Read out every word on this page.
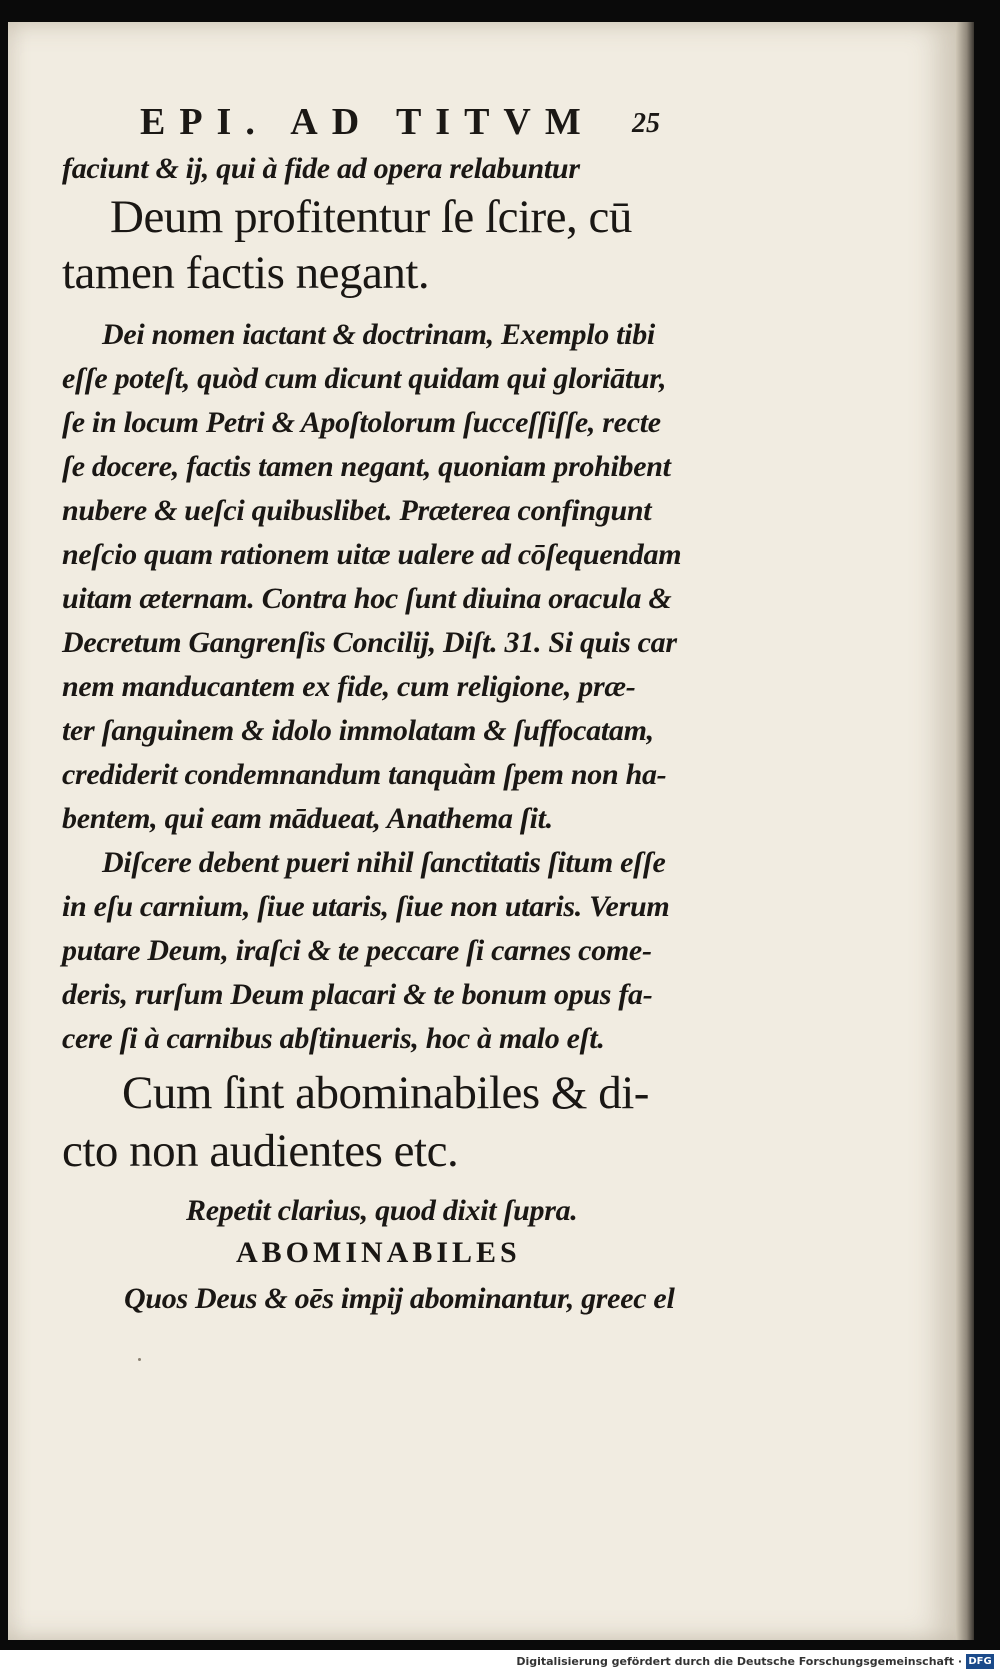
EPI. AD TITVM 25
faciunt & ij, qui à fide ad opera relabuntur
Deum profitentur ſe ſcire, cū
tamen factis negant.
Dei nomen iactant & doctrinam, Exemplo tibi
eſſe poteſt, quòd cum dicunt quidam qui gloriātur,
ſe in locum Petri & Apoſtolorum ſucceſſiſſe, recte
ſe docere, factis tamen negant, quoniam prohibent
nubere & ueſci quibuslibet. Præterea confingunt
neſcio quam rationem uitæ ualere ad cōſequendam
uitam æternam. Contra hoc ſunt diuina oracula &
Decretum Gangrenſis Concilij, Diſt. 31. Si quis car
nem manducantem ex fide, cum religione, præ-
ter ſanguinem & idolo immolatam & ſuffocatam,
crediderit condemnandum tanquàm ſpem non ha-
bentem, qui eam mādueat, Anathema ſit.
Diſcere debent pueri nihil ſanctitatis ſitum eſſe
in eſu carnium, ſiue utaris, ſiue non utaris. Verum
putare Deum, iraſci & te peccare ſi carnes come-
deris, rurſum Deum placari & te bonum opus fa-
cere ſi à carnibus abſtinueris, hoc à malo eſt.
Cum ſint abominabiles & di-
cto non audientes etc.
Repetit clarius, quod dixit ſupra.
ABOMINABILES
Quos Deus & oēs impij abominantur, greec el
Digitalisierung gefördert durch die Deutsche Forschungsgemeinschaft · DFG
